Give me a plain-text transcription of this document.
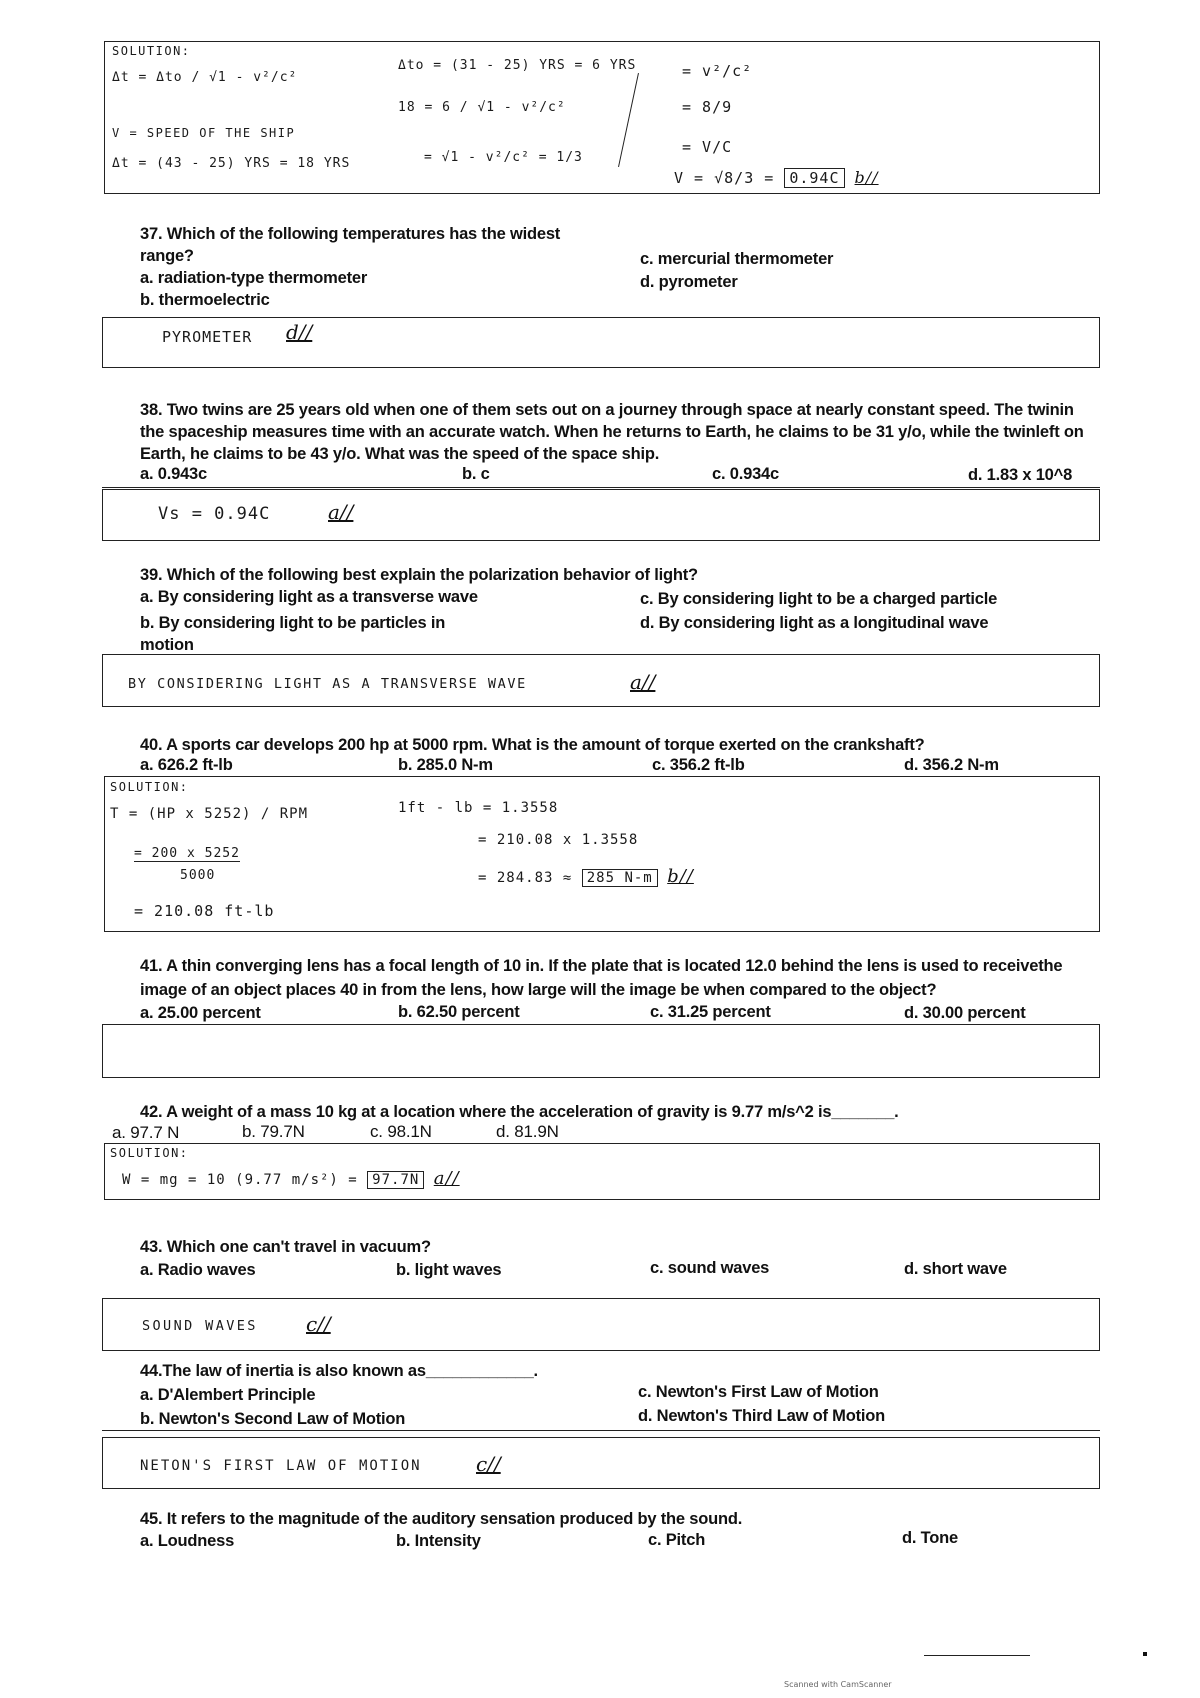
SOLUTION:
Δt = Δto / √1 - v²/c²
V = SPEED OF THE SHIP
Δt = (43 - 25) YRS = 18 YRS
Δto = (31 - 25) YRS = 6 YRS
18 = 6 / √1 - v²/c²
= √1 - v²/c² = 1/3
= v²/c²
= 8/9
= V/C
V = √8/3 = 0.94C b//
37. Which of the following temperatures has the widest range?
a. radiation-type thermometer
b. thermoelectric
c. mercurial thermometer
d. pyrometer
PYROMETER d//
38. Two twins are 25 years old when one of them sets out on a journey through space at nearly constant speed. The twinin the spaceship measures time with an accurate watch. When he returns to Earth, he claims to be 31 y/o, while the twinleft on Earth, he claims to be 43 y/o. What was the speed of the space ship.
a. 0.943c	b. c	c. 0.934c	d. 1.83 x 10^8
Vs = 0.94C	a//
39. Which of the following best explain the polarization behavior of light?
a. By considering light as a transverse wave
b. By considering light to be particles in motion
c. By considering light to be a charged particle
d. By considering light as a longitudinal wave
BY CONSIDERING LIGHT AS A TRANSVERSE WAVE	a//
40. A sports car develops 200 hp at 5000 rpm. What is the amount of torque exerted on the crankshaft?
a. 626.2 ft-lb	b. 285.0 N-m	c. 356.2 ft-lb	d. 356.2 N-m
SOLUTION:
T = (HP x 5252) / RPM
= 200 x 5252
5000
= 210.08 ft-lb
1ft - lb = 1.3558
= 210.08 x 1.3558
= 284.83 ≈ 285 N-m b//
41. A thin converging lens has a focal length of 10 in. If the plate that is located 12.0 behind the lens is used to receivethe image of an object places 40 in from the lens, how large will the image be when compared to the object?
a. 25.00 percent	b. 62.50 percent	c. 31.25 percent	d. 30.00 percent
42. A weight of a mass 10 kg at a location where the acceleration of gravity is 9.77 m/s^2 is_______.
a. 97.7 N	b. 79.7N	c. 98.1N	d. 81.9N
SOLUTION:
W = mg = 10 (9.77 m/s²) = 97.7N a//
43. Which one can't travel in vacuum?
a. Radio waves	b. light waves	c. sound waves	d. short wave
SOUND WAVES c//
44.The law of inertia is also known as____________.
a. D'Alembert Principle
b. Newton's Second Law of Motion
c. Newton's First Law of Motion
d. Newton's Third Law of Motion
NETON'S FIRST LAW OF MOTION	c//
45. It refers to the magnitude of the auditory sensation produced by the sound.
a. Loudness	b. Intensity	c. Pitch	d. Tone
Scanned with CamScanner
